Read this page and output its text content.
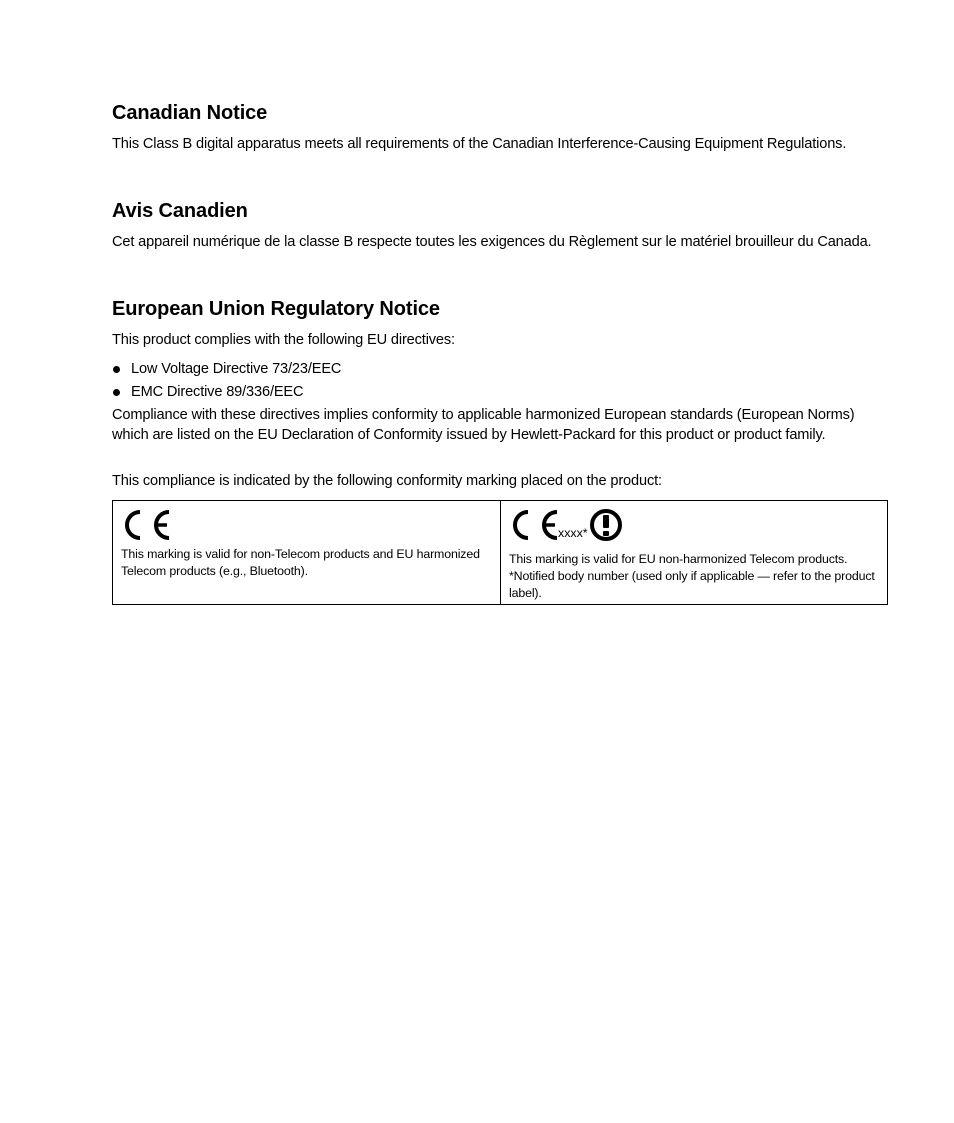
Canadian Notice

This Class B digital apparatus meets all requirements of the Canadian Interference-Causing Equipment Regulations.

Avis Canadien

Cet appareil numérique de la classe B respecte toutes les exigences du Règlement sur le matériel brouilleur du Canada.

European Union Regulatory Notice

This product complies with the following EU directives:

Low Voltage Directive 73/23/EEC
EMC Directive 89/336/EEC

Compliance with these directives implies conformity to applicable harmonized European standards (European Norms) which are listed on the EU Declaration of Conformity issued by Hewlett-Packard for this product or product family.

This compliance is indicated by the following conformity marking placed on the product:

This marking is valid for non-Telecom products and EU harmonized Telecom products (e.g., Bluetooth).
xxxx*
This marking is valid for EU non-harmonized Telecom products. *Notified body number (used only if applicable — refer to the product label).
